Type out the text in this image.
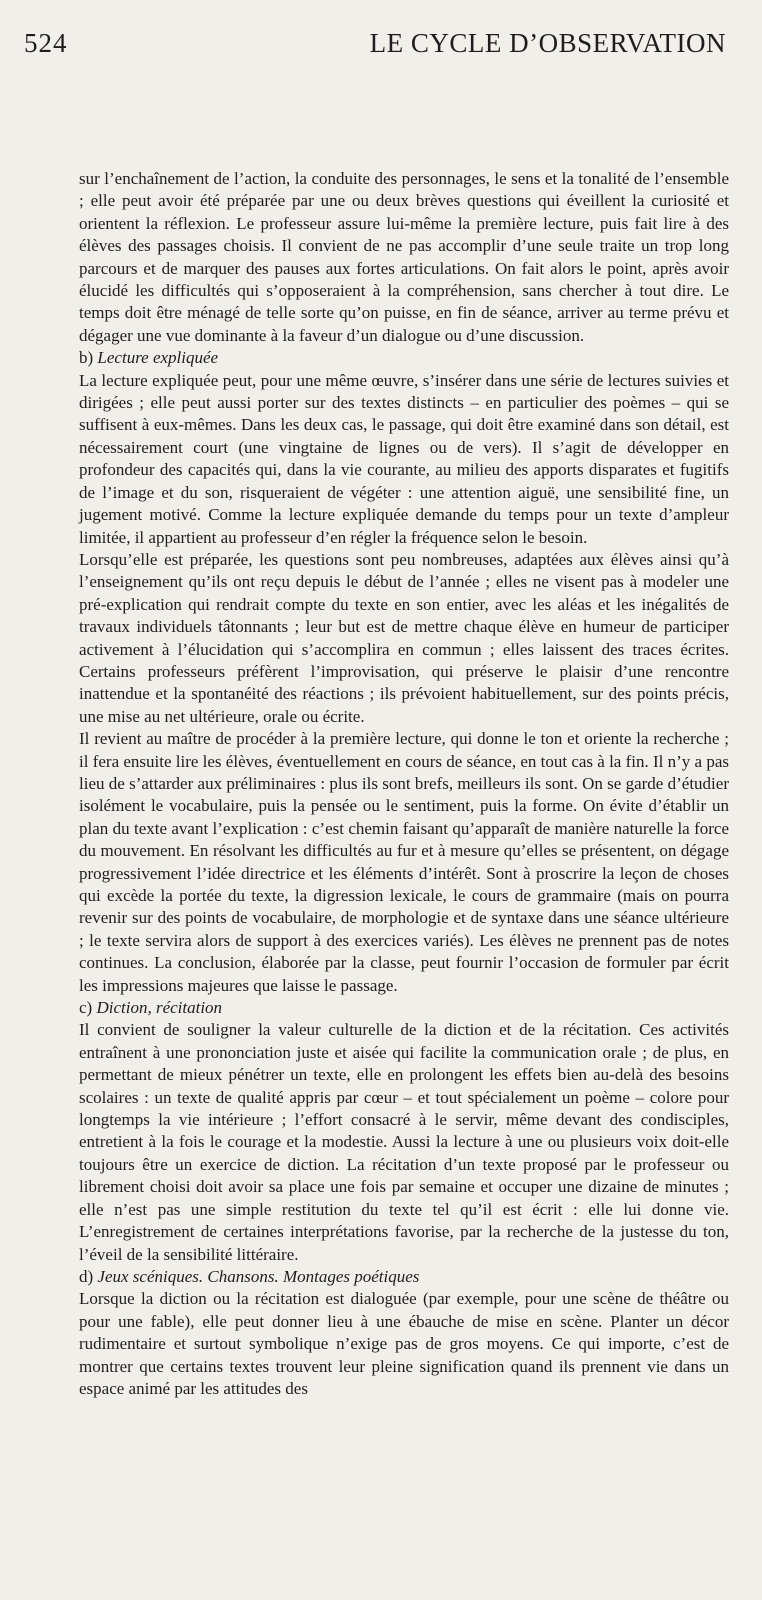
524	LE CYCLE D’OBSERVATION

sur l’enchaînement de l’action, la conduite des personnages, le sens et la tonalité de l’ensemble ; elle peut avoir été préparée par une ou deux brèves questions qui éveillent la curiosité et orientent la réflexion. Le professeur assure lui-même la première lecture, puis fait lire à des élèves des passages choisis. Il convient de ne pas accomplir d’une seule traite un trop long parcours et de marquer des pauses aux fortes articulations. On fait alors le point, après avoir élucidé les difficultés qui s’opposeraient à la compréhension, sans chercher à tout dire. Le temps doit être ménagé de telle sorte qu’on puisse, en fin de séance, arriver au terme prévu et dégager une vue dominante à la faveur d’un dialogue ou d’une discussion.

b) Lecture expliquée

La lecture expliquée peut, pour une même œuvre, s’insérer dans une série de lectures suivies et dirigées ; elle peut aussi porter sur des textes distincts – en particulier des poèmes – qui se suffisent à eux-mêmes. Dans les deux cas, le passage, qui doit être examiné dans son détail, est nécessairement court (une vingtaine de lignes ou de vers). Il s’agit de développer en profondeur des capacités qui, dans la vie courante, au milieu des apports disparates et fugitifs de l’image et du son, risqueraient de végéter : une attention aiguë, une sensibilité fine, un jugement motivé. Comme la lecture expliquée demande du temps pour un texte d’ampleur limitée, il appartient au professeur d’en régler la fréquence selon le besoin.

Lorsqu’elle est préparée, les questions sont peu nombreuses, adaptées aux élèves ainsi qu’à l’enseignement qu’ils ont reçu depuis le début de l’année ; elles ne visent pas à modeler une pré-explication qui rendrait compte du texte en son entier, avec les aléas et les inégalités de travaux individuels tâtonnants ; leur but est de mettre chaque élève en humeur de participer activement à l’élucidation qui s’accomplira en commun ; elles laissent des traces écrites. Certains professeurs préfèrent l’improvisation, qui préserve le plaisir d’une rencontre inattendue et la spontanéité des réactions ; ils prévoient habituellement, sur des points précis, une mise au net ultérieure, orale ou écrite.

Il revient au maître de procéder à la première lecture, qui donne le ton et oriente la recherche ; il fera ensuite lire les élèves, éventuellement en cours de séance, en tout cas à la fin. Il n’y a pas lieu de s’attarder aux préliminaires : plus ils sont brefs, meilleurs ils sont. On se garde d’étudier isolément le vocabulaire, puis la pensée ou le sentiment, puis la forme. On évite d’établir un plan du texte avant l’explication : c’est chemin faisant qu’apparaît de manière naturelle la force du mouvement. En résolvant les difficultés au fur et à mesure qu’elles se présentent, on dégage progressivement l’idée directrice et les éléments d’intérêt. Sont à proscrire la leçon de choses qui excède la portée du texte, la digression lexicale, le cours de grammaire (mais on pourra revenir sur des points de vocabulaire, de morphologie et de syntaxe dans une séance ultérieure ; le texte servira alors de support à des exercices variés). Les élèves ne prennent pas de notes continues. La conclusion, élaborée par la classe, peut fournir l’occasion de formuler par écrit les impressions majeures que laisse le passage.

c) Diction, récitation

Il convient de souligner la valeur culturelle de la diction et de la récitation. Ces activités entraînent à une prononciation juste et aisée qui facilite la communication orale ; de plus, en permettant de mieux pénétrer un texte, elle en prolongent les effets bien au-delà des besoins scolaires : un texte de qualité appris par cœur – et tout spécialement un poème – colore pour longtemps la vie intérieure ; l’effort consacré à le servir, même devant des condisciples, entretient à la fois le courage et la modestie. Aussi la lecture à une ou plusieurs voix doit-elle toujours être un exercice de diction. La récitation d’un texte proposé par le professeur ou librement choisi doit avoir sa place une fois par semaine et occuper une dizaine de minutes ; elle n’est pas une simple restitution du texte tel qu’il est écrit : elle lui donne vie. L’enregistrement de certaines interprétations favorise, par la recherche de la justesse du ton, l’éveil de la sensibilité littéraire.

d) Jeux scéniques. Chansons. Montages poétiques

Lorsque la diction ou la récitation est dialoguée (par exemple, pour une scène de théâtre ou pour une fable), elle peut donner lieu à une ébauche de mise en scène. Planter un décor rudimentaire et surtout symbolique n’exige pas de gros moyens. Ce qui importe, c’est de montrer que certains textes trouvent leur pleine signification quand ils prennent vie dans un espace animé par les attitudes des
